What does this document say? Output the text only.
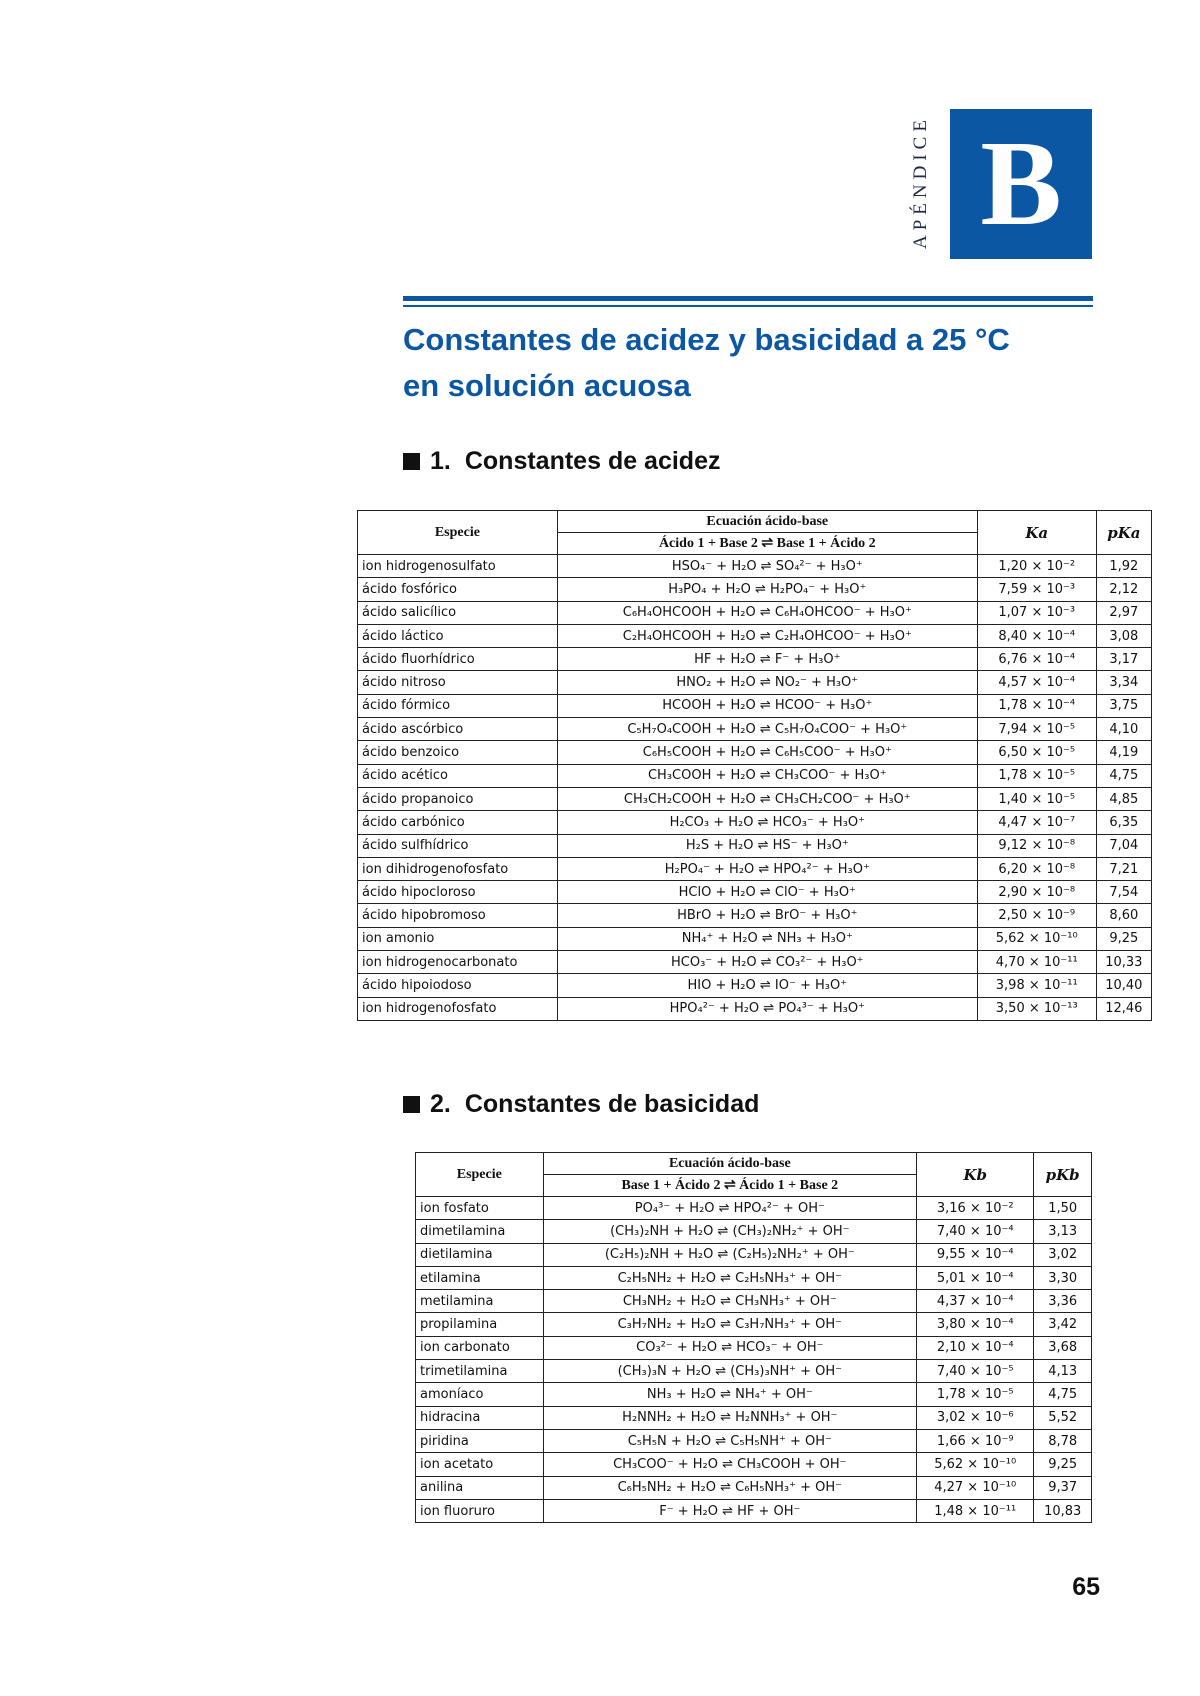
APÉNDICE B
Constantes de acidez y basicidad a 25 °C
en solución acuosa
1. Constantes de acidez
Especie	Ecuación ácido-base	Ka	pKa
	Ácido 1 + Base 2 ⇌ Base 1 + Ácido 2		
ion hidrogenosulfato	HSO₄⁻ + H₂O ⇌ SO₄²⁻ + H₃O⁺	1,20 × 10⁻²	1,92
ácido fosfórico	H₃PO₄ + H₂O ⇌ H₂PO₄⁻ + H₃O⁺	7,59 × 10⁻³	2,12
ácido salicílico	C₆H₄OHCOOH + H₂O ⇌ C₆H₄OHCOO⁻ + H₃O⁺	1,07 × 10⁻³	2,97
ácido láctico	C₂H₄OHCOOH + H₂O ⇌ C₂H₄OHCOO⁻ + H₃O⁺	8,40 × 10⁻⁴	3,08
ácido fluorhídrico	HF + H₂O ⇌ F⁻ + H₃O⁺	6,76 × 10⁻⁴	3,17
ácido nitroso	HNO₂ + H₂O ⇌ NO₂⁻ + H₃O⁺	4,57 × 10⁻⁴	3,34
ácido fórmico	HCOOH + H₂O ⇌ HCOO⁻ + H₃O⁺	1,78 × 10⁻⁴	3,75
ácido ascórbico	C₅H₇O₄COOH + H₂O ⇌ C₅H₇O₄COO⁻ + H₃O⁺	7,94 × 10⁻⁵	4,10
ácido benzoico	C₆H₅COOH + H₂O ⇌ C₆H₅COO⁻ + H₃O⁺	6,50 × 10⁻⁵	4,19
ácido acético	CH₃COOH + H₂O ⇌ CH₃COO⁻ + H₃O⁺	1,78 × 10⁻⁵	4,75
ácido propanoico	CH₃CH₂COOH + H₂O ⇌ CH₃CH₂COO⁻ + H₃O⁺	1,40 × 10⁻⁵	4,85
ácido carbónico	H₂CO₃ + H₂O ⇌ HCO₃⁻ + H₃O⁺	4,47 × 10⁻⁷	6,35
ácido sulfhídrico	H₂S + H₂O ⇌ HS⁻ + H₃O⁺	9,12 × 10⁻⁸	7,04
ion dihidrogenofosfato	H₂PO₄⁻ + H₂O ⇌ HPO₄²⁻ + H₃O⁺	6,20 × 10⁻⁸	7,21
ácido hipocloroso	HClO + H₂O ⇌ ClO⁻ + H₃O⁺	2,90 × 10⁻⁸	7,54
ácido hipobromoso	HBrO + H₂O ⇌ BrO⁻ + H₃O⁺	2,50 × 10⁻⁹	8,60
ion amonio	NH₄⁺ + H₂O ⇌ NH₃ + H₃O⁺	5,62 × 10⁻¹⁰	9,25
ion hidrogenocarbonato	HCO₃⁻ + H₂O ⇌ CO₃²⁻ + H₃O⁺	4,70 × 10⁻¹¹	10,33
ácido hipoiodoso	HIO + H₂O ⇌ IO⁻ + H₃O⁺	3,98 × 10⁻¹¹	10,40
ion hidrogenofosfato	HPO₄²⁻ + H₂O ⇌ PO₄³⁻ + H₃O⁺	3,50 × 10⁻¹³	12,46
2. Constantes de basicidad
Especie	Ecuación ácido-base	Kb	pKb
	Base 1 + Ácido 2 ⇌ Ácido 1 + Base 2		
ion fosfato	PO₄³⁻ + H₂O ⇌ HPO₄²⁻ + OH⁻	3,16 × 10⁻²	1,50
dimetilamina	(CH₃)₂NH + H₂O ⇌ (CH₃)₂NH₂⁺ + OH⁻	7,40 × 10⁻⁴	3,13
dietilamina	(C₂H₅)₂NH + H₂O ⇌ (C₂H₅)₂NH₂⁺ + OH⁻	9,55 × 10⁻⁴	3,02
etilamina	C₂H₅NH₂ + H₂O ⇌ C₂H₅NH₃⁺ + OH⁻	5,01 × 10⁻⁴	3,30
metilamina	CH₃NH₂ + H₂O ⇌ CH₃NH₃⁺ + OH⁻	4,37 × 10⁻⁴	3,36
propilamina	C₃H₇NH₂ + H₂O ⇌ C₃H₇NH₃⁺ + OH⁻	3,80 × 10⁻⁴	3,42
ion carbonato	CO₃²⁻ + H₂O ⇌ HCO₃⁻ + OH⁻	2,10 × 10⁻⁴	3,68
trimetilamina	(CH₃)₃N + H₂O ⇌ (CH₃)₃NH⁺ + OH⁻	7,40 × 10⁻⁵	4,13
amoníaco	NH₃ + H₂O ⇌ NH₄⁺ + OH⁻	1,78 × 10⁻⁵	4,75
hidracina	H₂NNH₂ + H₂O ⇌ H₂NNH₃⁺ + OH⁻	3,02 × 10⁻⁶	5,52
piridina	C₅H₅N + H₂O ⇌ C₅H₅NH⁺ + OH⁻	1,66 × 10⁻⁹	8,78
ion acetato	CH₃COO⁻ + H₂O ⇌ CH₃COOH + OH⁻	5,62 × 10⁻¹⁰	9,25
anilina	C₆H₅NH₂ + H₂O ⇌ C₆H₅NH₃⁺ + OH⁻	4,27 × 10⁻¹⁰	9,37
ion fluoruro	F⁻ + H₂O ⇌ HF + OH⁻	1,48 × 10⁻¹¹	10,83
65
